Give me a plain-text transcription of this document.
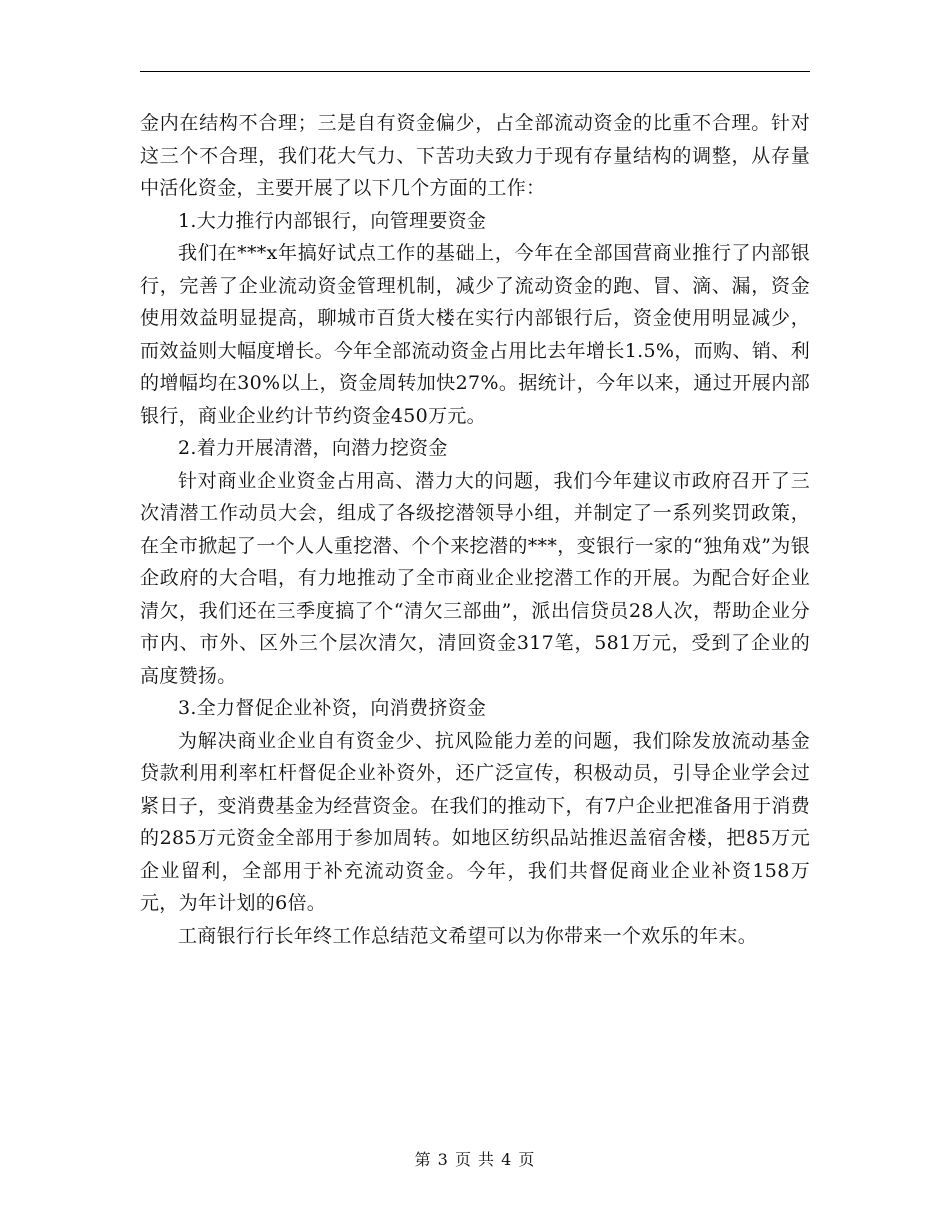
金内在结构不合理；三是自有资金偏少，占全部流动资金的比重不合理。针对这三个不合理，我们花大气力、下苦功夫致力于现有存量结构的调整，从存量中活化资金，主要开展了以下几个方面的工作：

1.大力推行内部银行，向管理要资金

我们在***x年搞好试点工作的基础上，今年在全部国营商业推行了内部银行，完善了企业流动资金管理机制，减少了流动资金的跑、冒、滴、漏，资金使用效益明显提高，聊城市百货大楼在实行内部银行后，资金使用明显减少，而效益则大幅度增长。今年全部流动资金占用比去年增长1.5%，而购、销、利的增幅均在30%以上，资金周转加快27%。据统计，今年以来，通过开展内部银行，商业企业约计节约资金450万元。

2.着力开展清潜，向潜力挖资金

针对商业企业资金占用高、潜力大的问题，我们今年建议市政府召开了三次清潜工作动员大会，组成了各级挖潜领导小组，并制定了一系列奖罚政策，在全市掀起了一个人人重挖潜、个个来挖潜的***，变银行一家的“独角戏”为银企政府的大合唱，有力地推动了全市商业企业挖潜工作的开展。为配合好企业清欠，我们还在三季度搞了个“清欠三部曲”，派出信贷员28人次，帮助企业分市内、市外、区外三个层次清欠，清回资金317笔，581万元，受到了企业的高度赞扬。

3.全力督促企业补资，向消费挤资金

为解决商业企业自有资金少、抗风险能力差的问题，我们除发放流动基金贷款利用利率杠杆督促企业补资外，还广泛宣传，积极动员，引导企业学会过紧日子，变消费基金为经营资金。在我们的推动下，有7户企业把准备用于消费的285万元资金全部用于参加周转。如地区纺织品站推迟盖宿舍楼，把85万元企业留利，全部用于补充流动资金。今年，我们共督促商业企业补资158万元，为年计划的6倍。

工商银行行长年终工作总结范文希望可以为你带来一个欢乐的年末。

第 3 页 共 4 页
